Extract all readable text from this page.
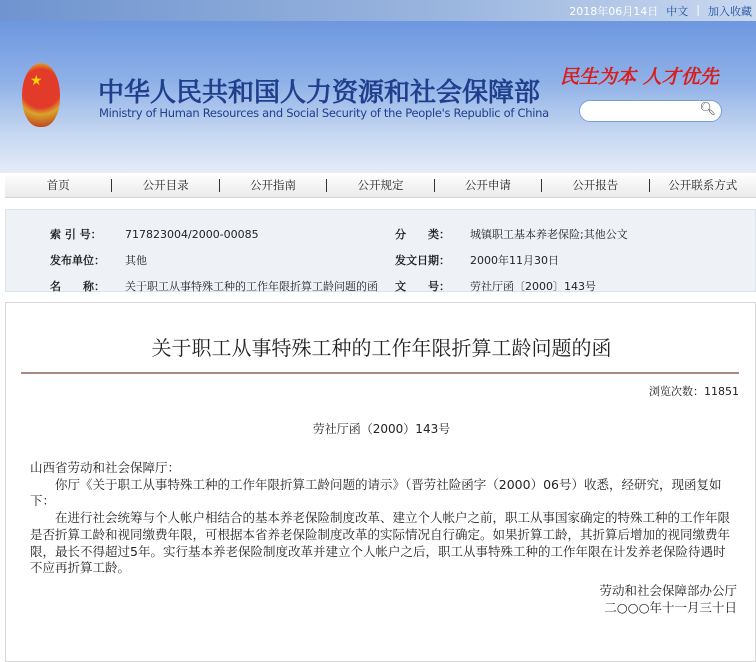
2018年06月14日 中文 | 加入收藏
★ 中华人民共和国人力资源和社会保障部
Ministry of Human Resources and Social Security of the People's Republic of China
民生为本 人才优先
🔍︎
首页	公开目录	公开指南	公开规定	公开申请	公开报告	公开联系方式
索 引 号：	717823004/2000-00085	分　　类：	城镇职工基本养老保险;其他公文
发布单位：	其他	发文日期：	2000年11月30日
名　　称：	关于职工从事特殊工种的工作年限折算工龄问题的函 文　　号：	劳社厅函〔2000〕143号
关于职工从事特殊工种的工作年限折算工龄问题的函
浏览次数：11851
劳社厅函（2000）143号

山西省劳动和社会保障厅：

你厅《关于职工从事特殊工种的工作年限折算工龄问题的请示》（晋劳社险函字（2000）06号）收悉，经研究，现函复如下：

在进行社会统筹与个人帐户相结合的基本养老保险制度改革、建立个人帐户之前，职工从事国家确定的特殊工种的工作年限是否折算工龄和视同缴费年限，可根据本省养老保险制度改革的实际情况自行确定。如果折算工龄，其折算后增加的视同缴费年限，最长不得超过5年。实行基本养老保险制度改革并建立个人帐户之后，职工从事特殊工种的工作年限在计发养老保险待遇时不应再折算工龄。

劳动和社会保障部办公厅
二○○○年十一月三十日
